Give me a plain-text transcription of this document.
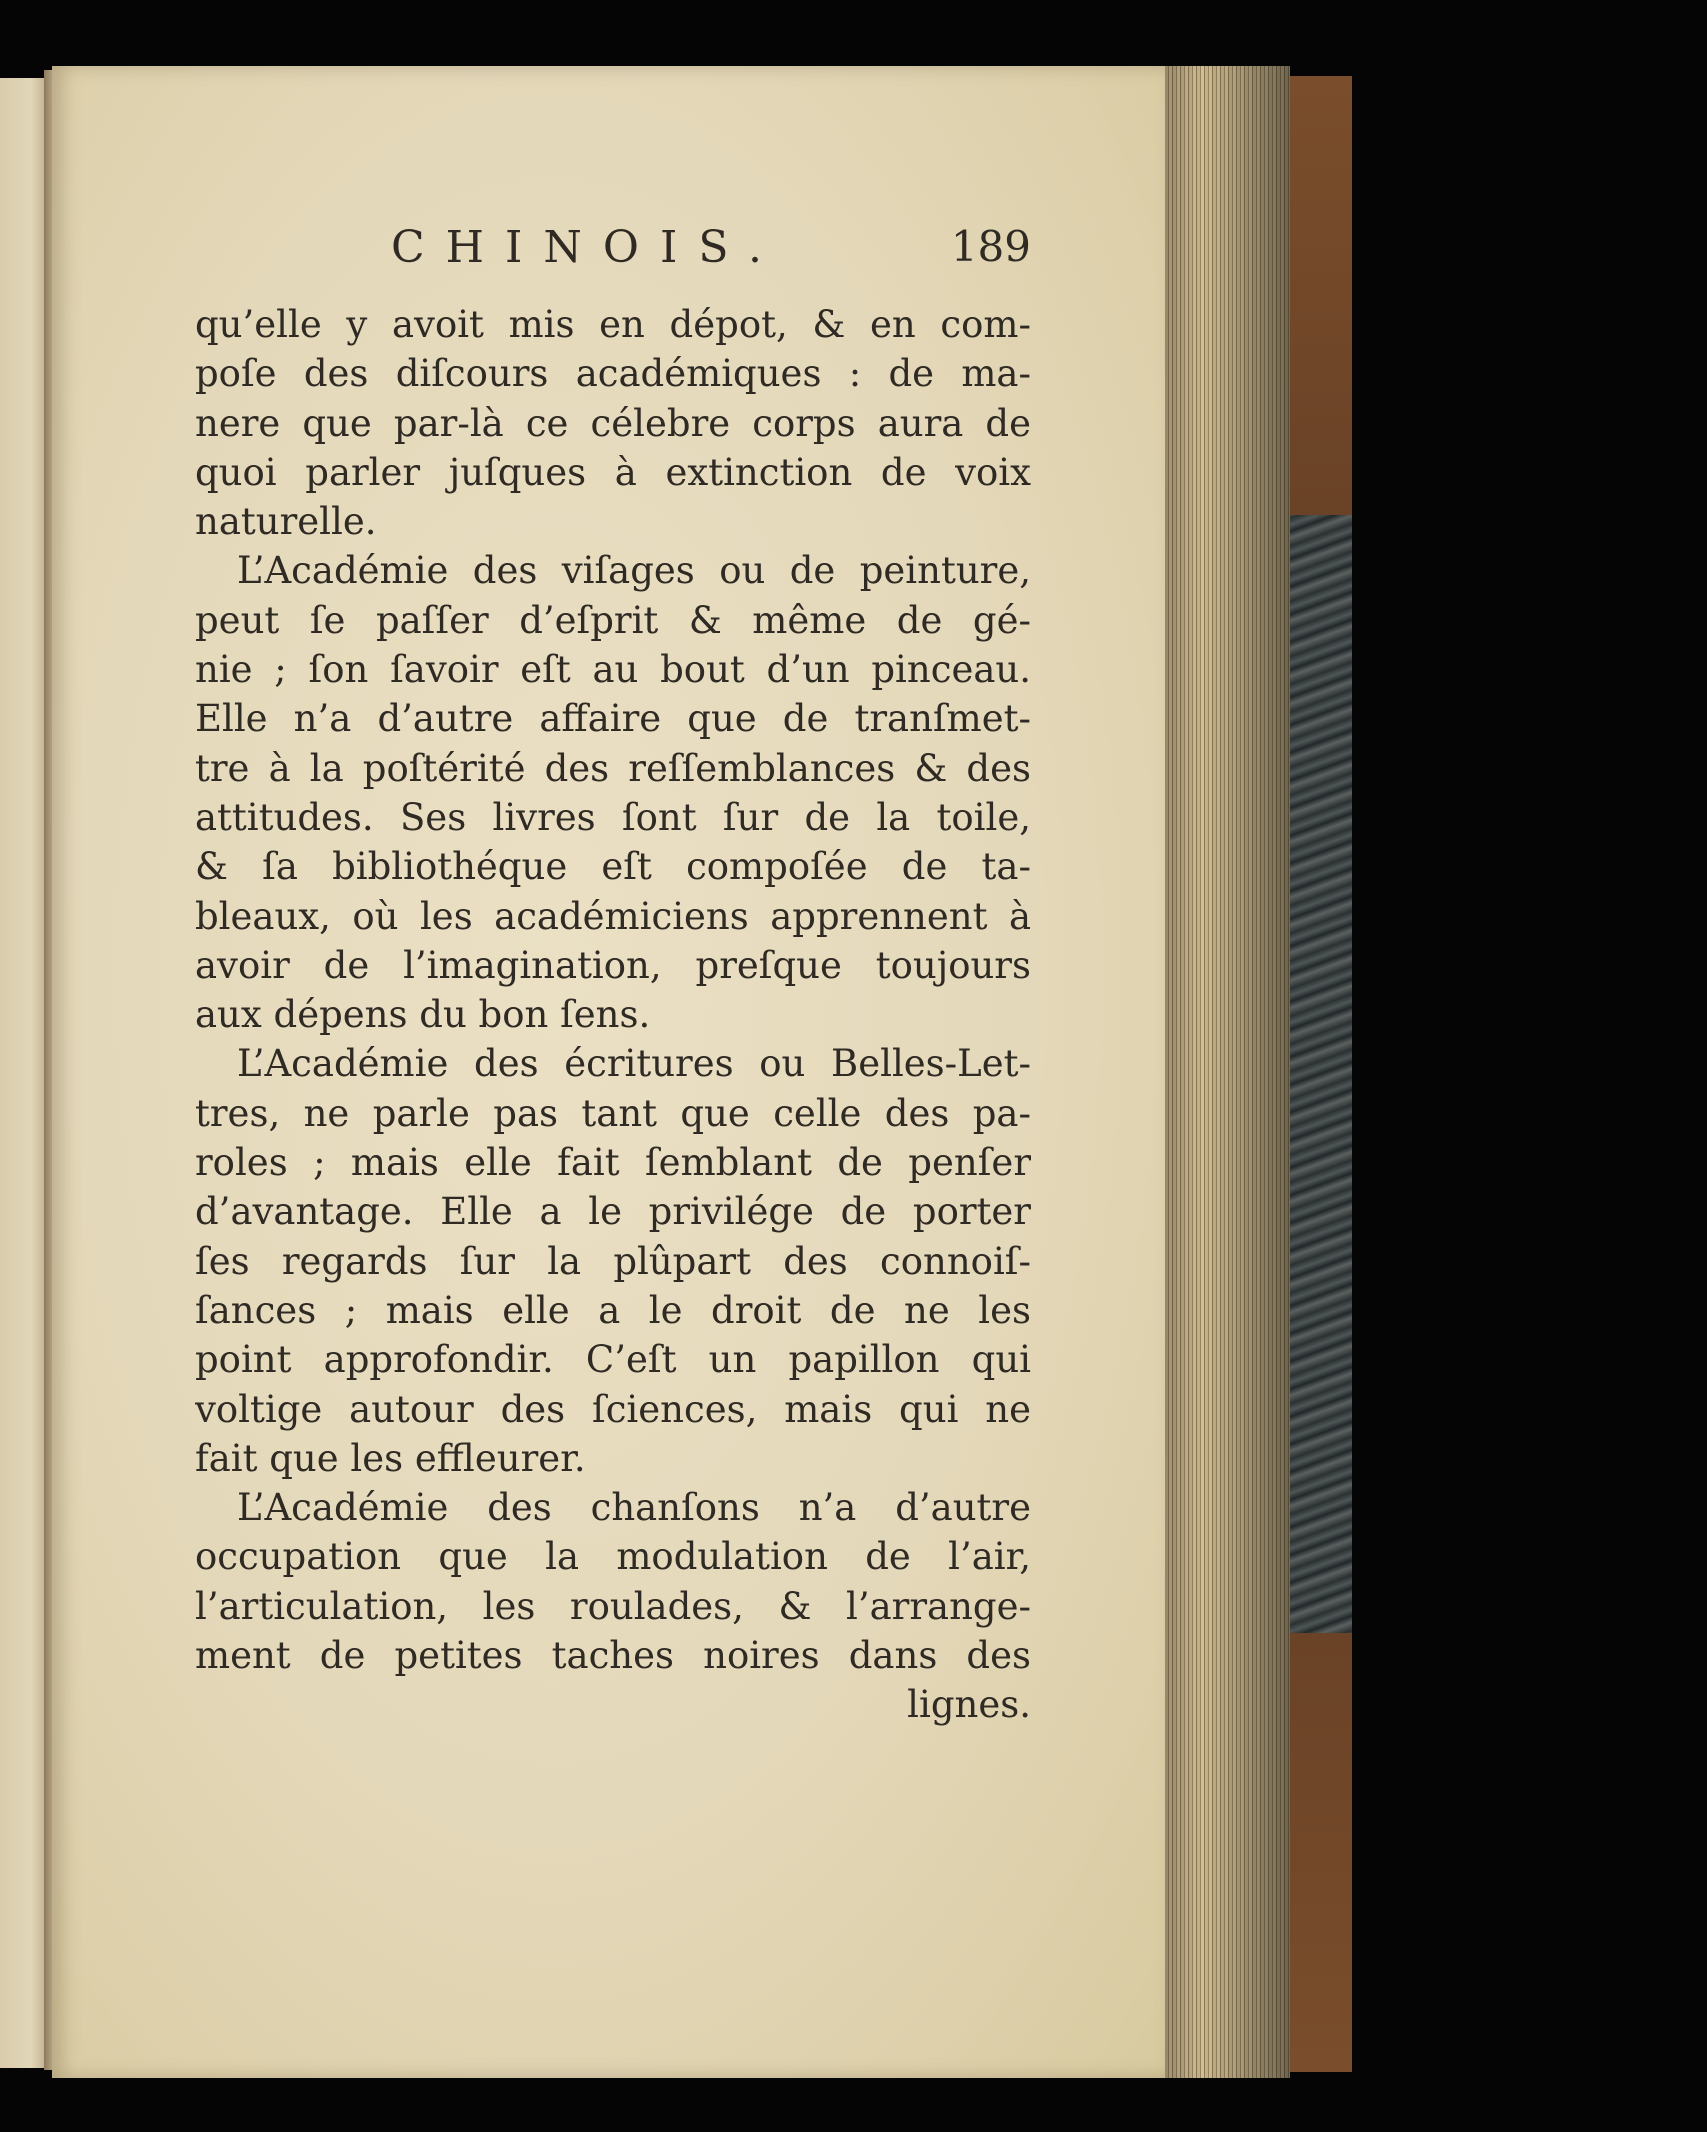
CHINOIS.	189
qu’elle y avoit mis en dépot, & en com-
poſe des diſcours académiques : de ma-
nere que par-là ce célebre corps aura de
quoi parler juſques à extinction de voix
naturelle.
L’Académie des viſages ou de peinture,
peut ſe paſſer d’eſprit & même de gé-
nie ; ſon ſavoir eſt au bout d’un pinceau.
Elle n’a d’autre affaire que de tranſmet-
tre à la poſtérité des reſſemblances & des
attitudes. Ses livres ſont ſur de la toile,
& ſa bibliothéque eſt compoſée de ta-
bleaux, où les académiciens apprennent à
avoir de l’imagination, preſque toujours
aux dépens du bon ſens.
L’Académie des écritures ou Belles-Let-
tres, ne parle pas tant que celle des pa-
roles ; mais elle fait ſemblant de penſer
d’avantage. Elle a le privilége de porter
ſes regards ſur la plûpart des connoiſ-
ſances ; mais elle a le droit de ne les
point approfondir. C’eſt un papillon qui
voltige autour des ſciences, mais qui ne
fait que les effleurer.
L’Académie des chanſons n’a d’autre
occupation que la modulation de l’air,
l’articulation, les roulades, & l’arrange-
ment de petites taches noires dans des
lignes.
